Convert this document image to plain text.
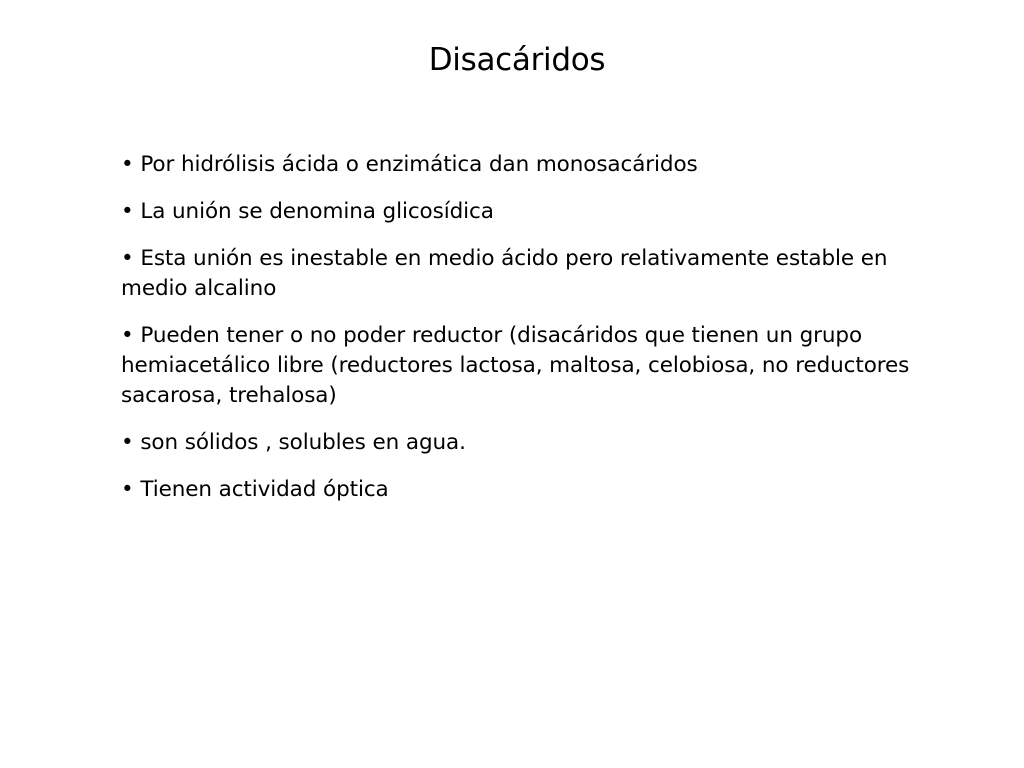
Disacáridos
• Por hidrólisis ácida o enzimática dan monosacáridos
• La unión se denomina glicosídica
• Esta unión es inestable en medio ácido pero relativamente estable en medio alcalino
• Pueden tener o no poder reductor (disacáridos que tienen un grupo hemiacetálico libre (reductores lactosa, maltosa, celobiosa, no reductores sacarosa, trehalosa)
• son sólidos , solubles en agua.
• Tienen actividad óptica
